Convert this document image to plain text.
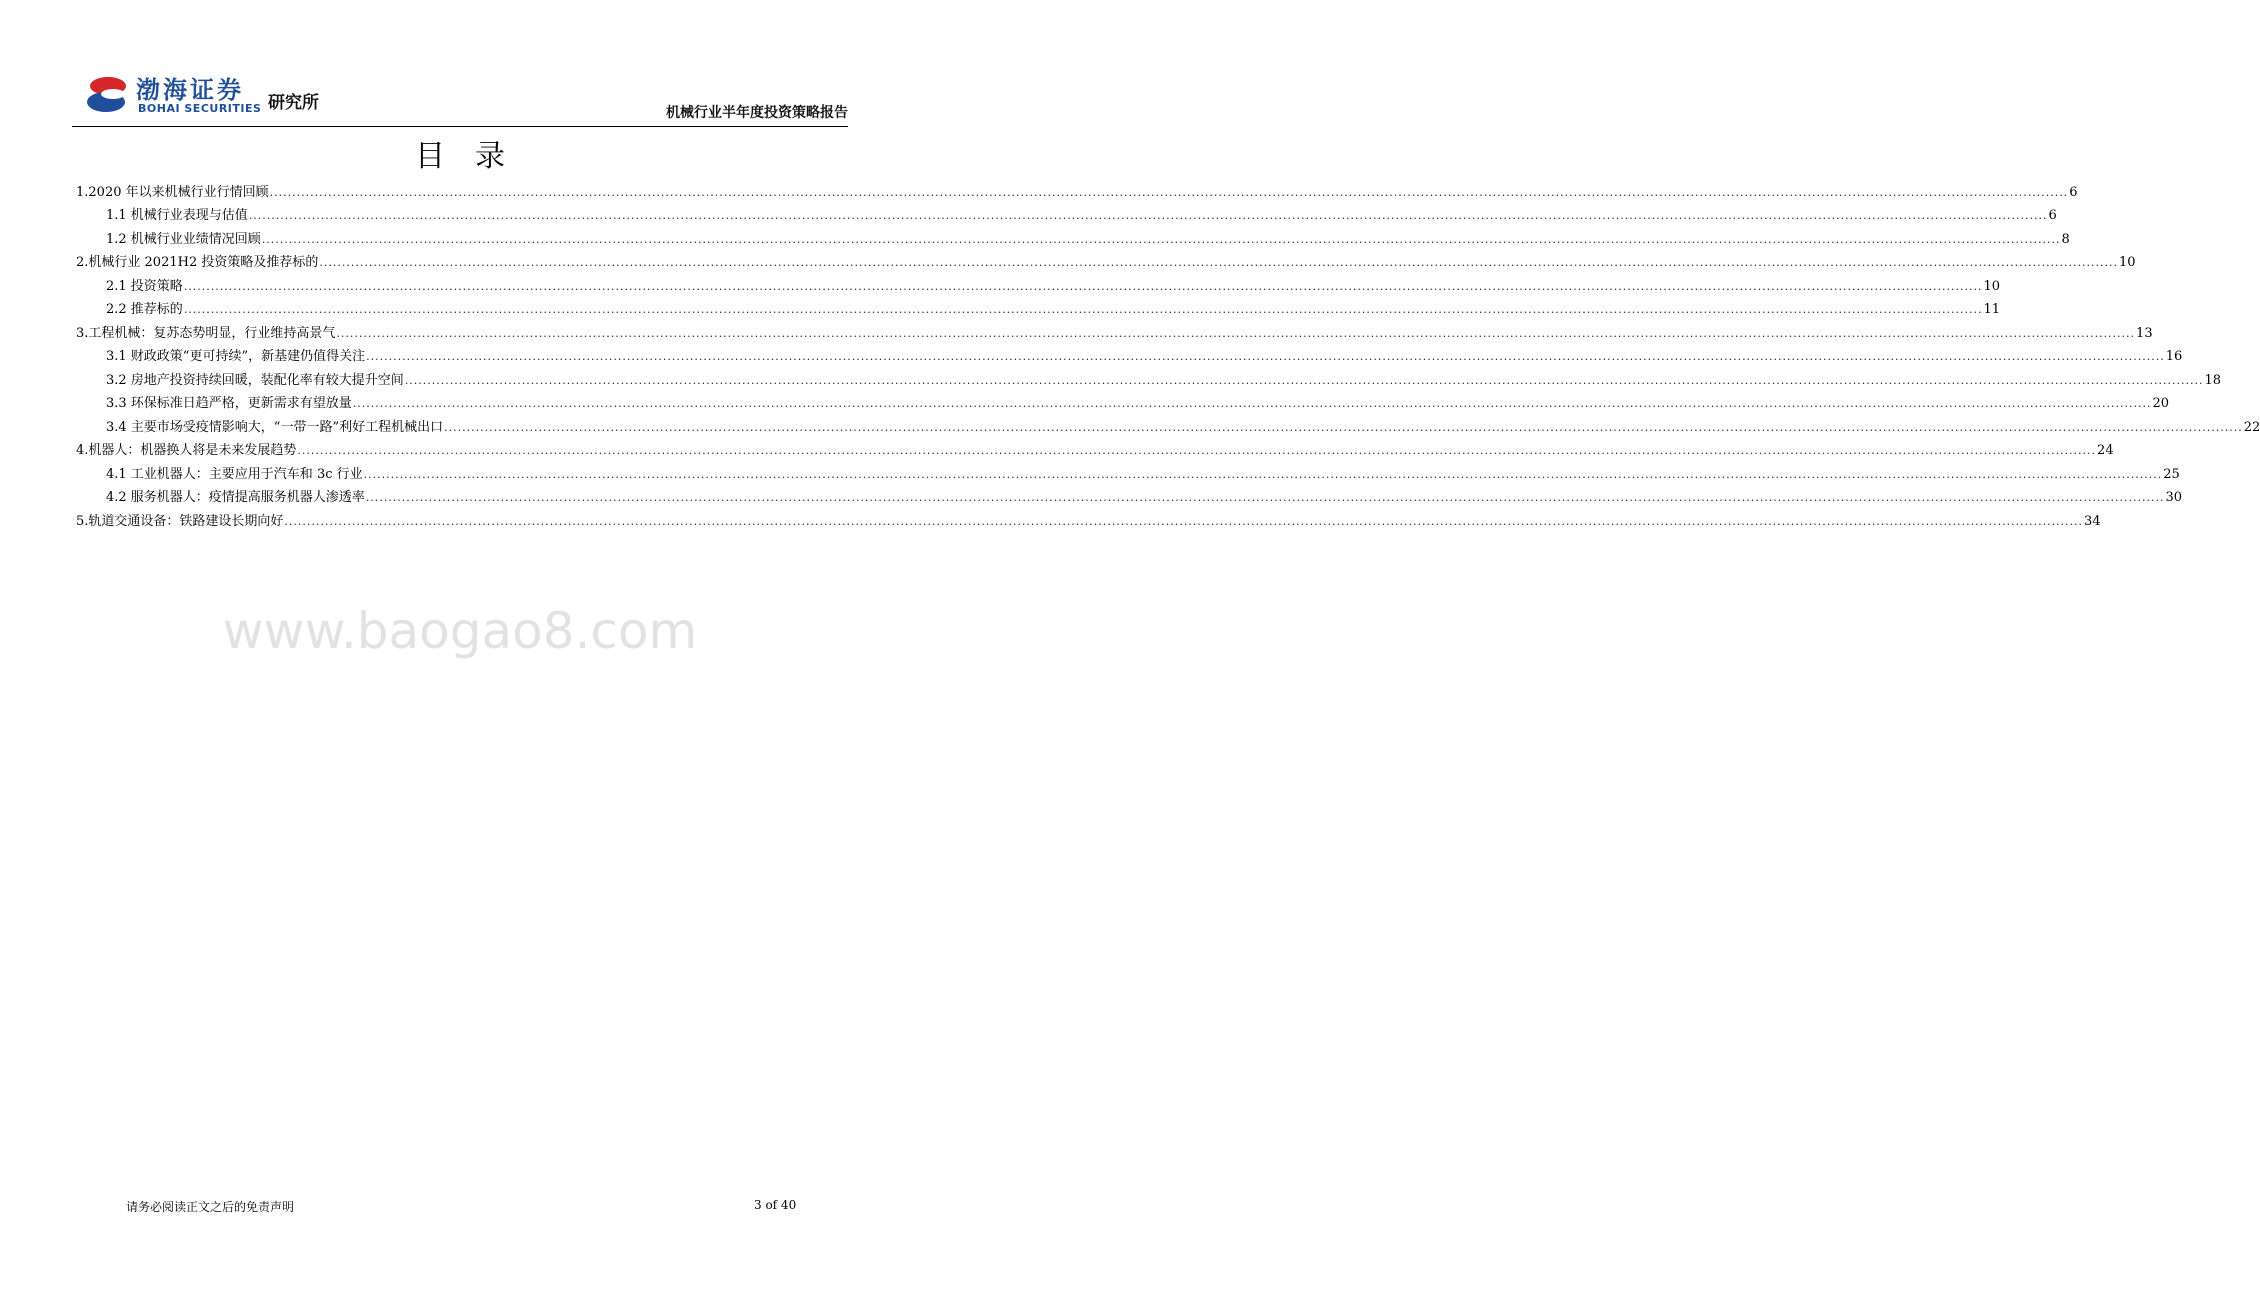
渤海证券
BOHAI SECURITIES 研究所	机械行业半年度投资策略报告
目录
1.2020 年以来机械行业行情回顾 ................................................................................................................................................................................................................................................................................................................................................................................................................ 6
1.1 机械行业表现与估值 ................................................................................................................................................................................................................................................................................................................................................................................................................ 6
1.2 机械行业业绩情况回顾 ................................................................................................................................................................................................................................................................................................................................................................................................................ 8
2.机械行业 2021H2 投资策略及推荐标的 ................................................................................................................................................................................................................................................................................................................................................................................................................ 10
2.1 投资策略 ................................................................................................................................................................................................................................................................................................................................................................................................................ 10
2.2 推荐标的 ................................................................................................................................................................................................................................................................................................................................................................................................................ 11
3.工程机械：复苏态势明显，行业维持高景气 ................................................................................................................................................................................................................................................................................................................................................................................................................ 13
3.1 财政政策“更可持续”，新基建仍值得关注 ................................................................................................................................................................................................................................................................................................................................................................................................................ 16
3.2 房地产投资持续回暖，装配化率有较大提升空间 ................................................................................................................................................................................................................................................................................................................................................................................................................ 18
3.3 环保标准日趋严格，更新需求有望放量 ................................................................................................................................................................................................................................................................................................................................................................................................................ 20
3.4 主要市场受疫情影响大，“一带一路”利好工程机械出口 ................................................................................................................................................................................................................................................................................................................................................................................................................ 22
4.机器人：机器换人将是未来发展趋势 ................................................................................................................................................................................................................................................................................................................................................................................................................ 24
4.1 工业机器人：主要应用于汽车和 3c 行业 ................................................................................................................................................................................................................................................................................................................................................................................................................ 25
4.2 服务机器人：疫情提高服务机器人渗透率 ................................................................................................................................................................................................................................................................................................................................................................................................................ 30
5.轨道交通设备：铁路建设长期向好 ................................................................................................................................................................................................................................................................................................................................................................................................................ 34
www.baogao8.com
请务必阅读正文之后的免责声明	3 of 40
